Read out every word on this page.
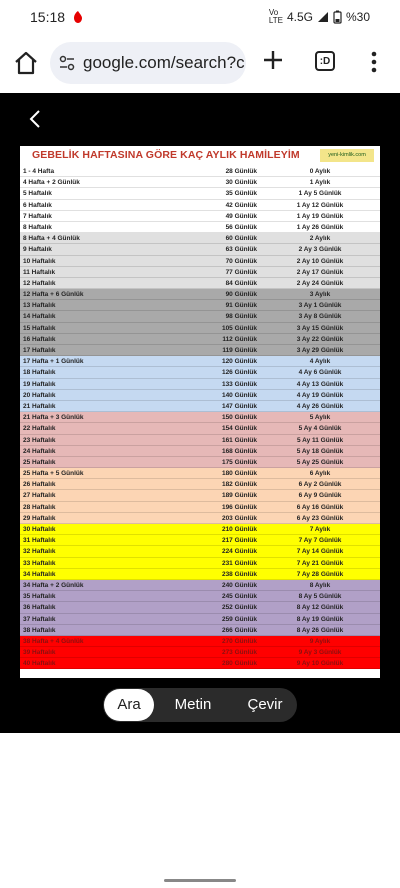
15:18	Vo
LTE 4.5G	%30
google.com/search?c	:D
GEBELİK HAFTASINA GÖRE KAÇ AYLIK HAMİLEYİM	yeni-kimlik.com
1 - 4 Hafta	28 Günlük	0 Aylık
4 Hafta + 2 Günlük	30 Günlük	1 Aylık
5 Haftalık	35 Günlük	1 Ay 5 Günlük
6 Haftalık	42 Günlük	1 Ay 12 Günlük
7 Haftalık	49 Günlük	1 Ay 19 Günlük
8 Haftalık	56 Günlük	1 Ay 26 Günlük
8 Hafta + 4 Günlük	60 Günlük	2 Aylık
9 Haftalık	63 Günlük	2 Ay 3 Günlük
10 Haftalık	70 Günlük	2 Ay 10 Günlük
11 Haftalık	77 Günlük	2 Ay 17 Günlük
12 Haftalık	84 Günlük	2 Ay 24 Günlük
12 Hafta + 6 Günlük	90 Günlük	3 Aylık
13 Haftalık	91 Günlük	3 Ay 1 Günlük
14 Haftalık	98 Günlük	3 Ay 8 Günlük
15 Haftalık	105 Günlük	3 Ay 15 Günlük
16 Haftalık	112 Günlük	3 Ay 22 Günlük
17 Haftalık	119 Günlük	3 Ay 29 Günlük
17 Hafta + 1 Günlük	120 Günlük	4 Aylık
18 Haftalık	126 Günlük	4 Ay 6 Günlük
19 Haftalık	133 Günlük	4 Ay 13 Günlük
20 Haftalık	140 Günlük	4 Ay 19 Günlük
21 Haftalık	147 Günlük	4 Ay 26 Günlük
21 Hafta + 3 Günlük	150 Günlük	5 Aylık
22 Haftalık	154 Günlük	5 Ay 4 Günlük
23 Haftalık	161 Günlük	5 Ay 11 Günlük
24 Haftalık	168 Günlük	5 Ay 18 Günlük
25 Haftalık	175 Günlük	5 Ay 25 Günlük
25 Hafta + 5 Günlük	180 Günlük	6 Aylık
26 Haftalık	182 Günlük	6 Ay 2 Günlük
27 Haftalık	189 Günlük	6 Ay 9 Günlük
28 Haftalık	196 Günlük	6 Ay 16 Günlük
29 Haftalık	203 Günlük	6 Ay 23 Günlük
30 Haftalık	210 Günlük	7 Aylık
31 Haftalık	217 Günlük	7 Ay 7 Günlük
32 Haftalık	224 Günlük	7 Ay 14 Günlük
33 Haftalık	231 Günlük	7 Ay 21 Günlük
34 Haftalık	238 Günlük	7 Ay 28 Günlük
34 Hafta + 2 Günlük	240 Günlük	8 Aylık
35 Haftalık	245 Günlük	8 Ay 5 Günlük
36 Haftalık	252 Günlük	8 Ay 12 Günlük
37 Haftalık	259 Günlük	8 Ay 19 Günlük
38 Haftalık	266 Günlük	8 Ay 26 Günlük
38 Hafta + 4 Günlük	270 Günlük	9 Aylık
39 Haftalık	273 Günlük	9 Ay 3 Günlük
40 Haftalık	280 Günlük	9 Ay 10 Günlük
Ara	Metin	Çevir
